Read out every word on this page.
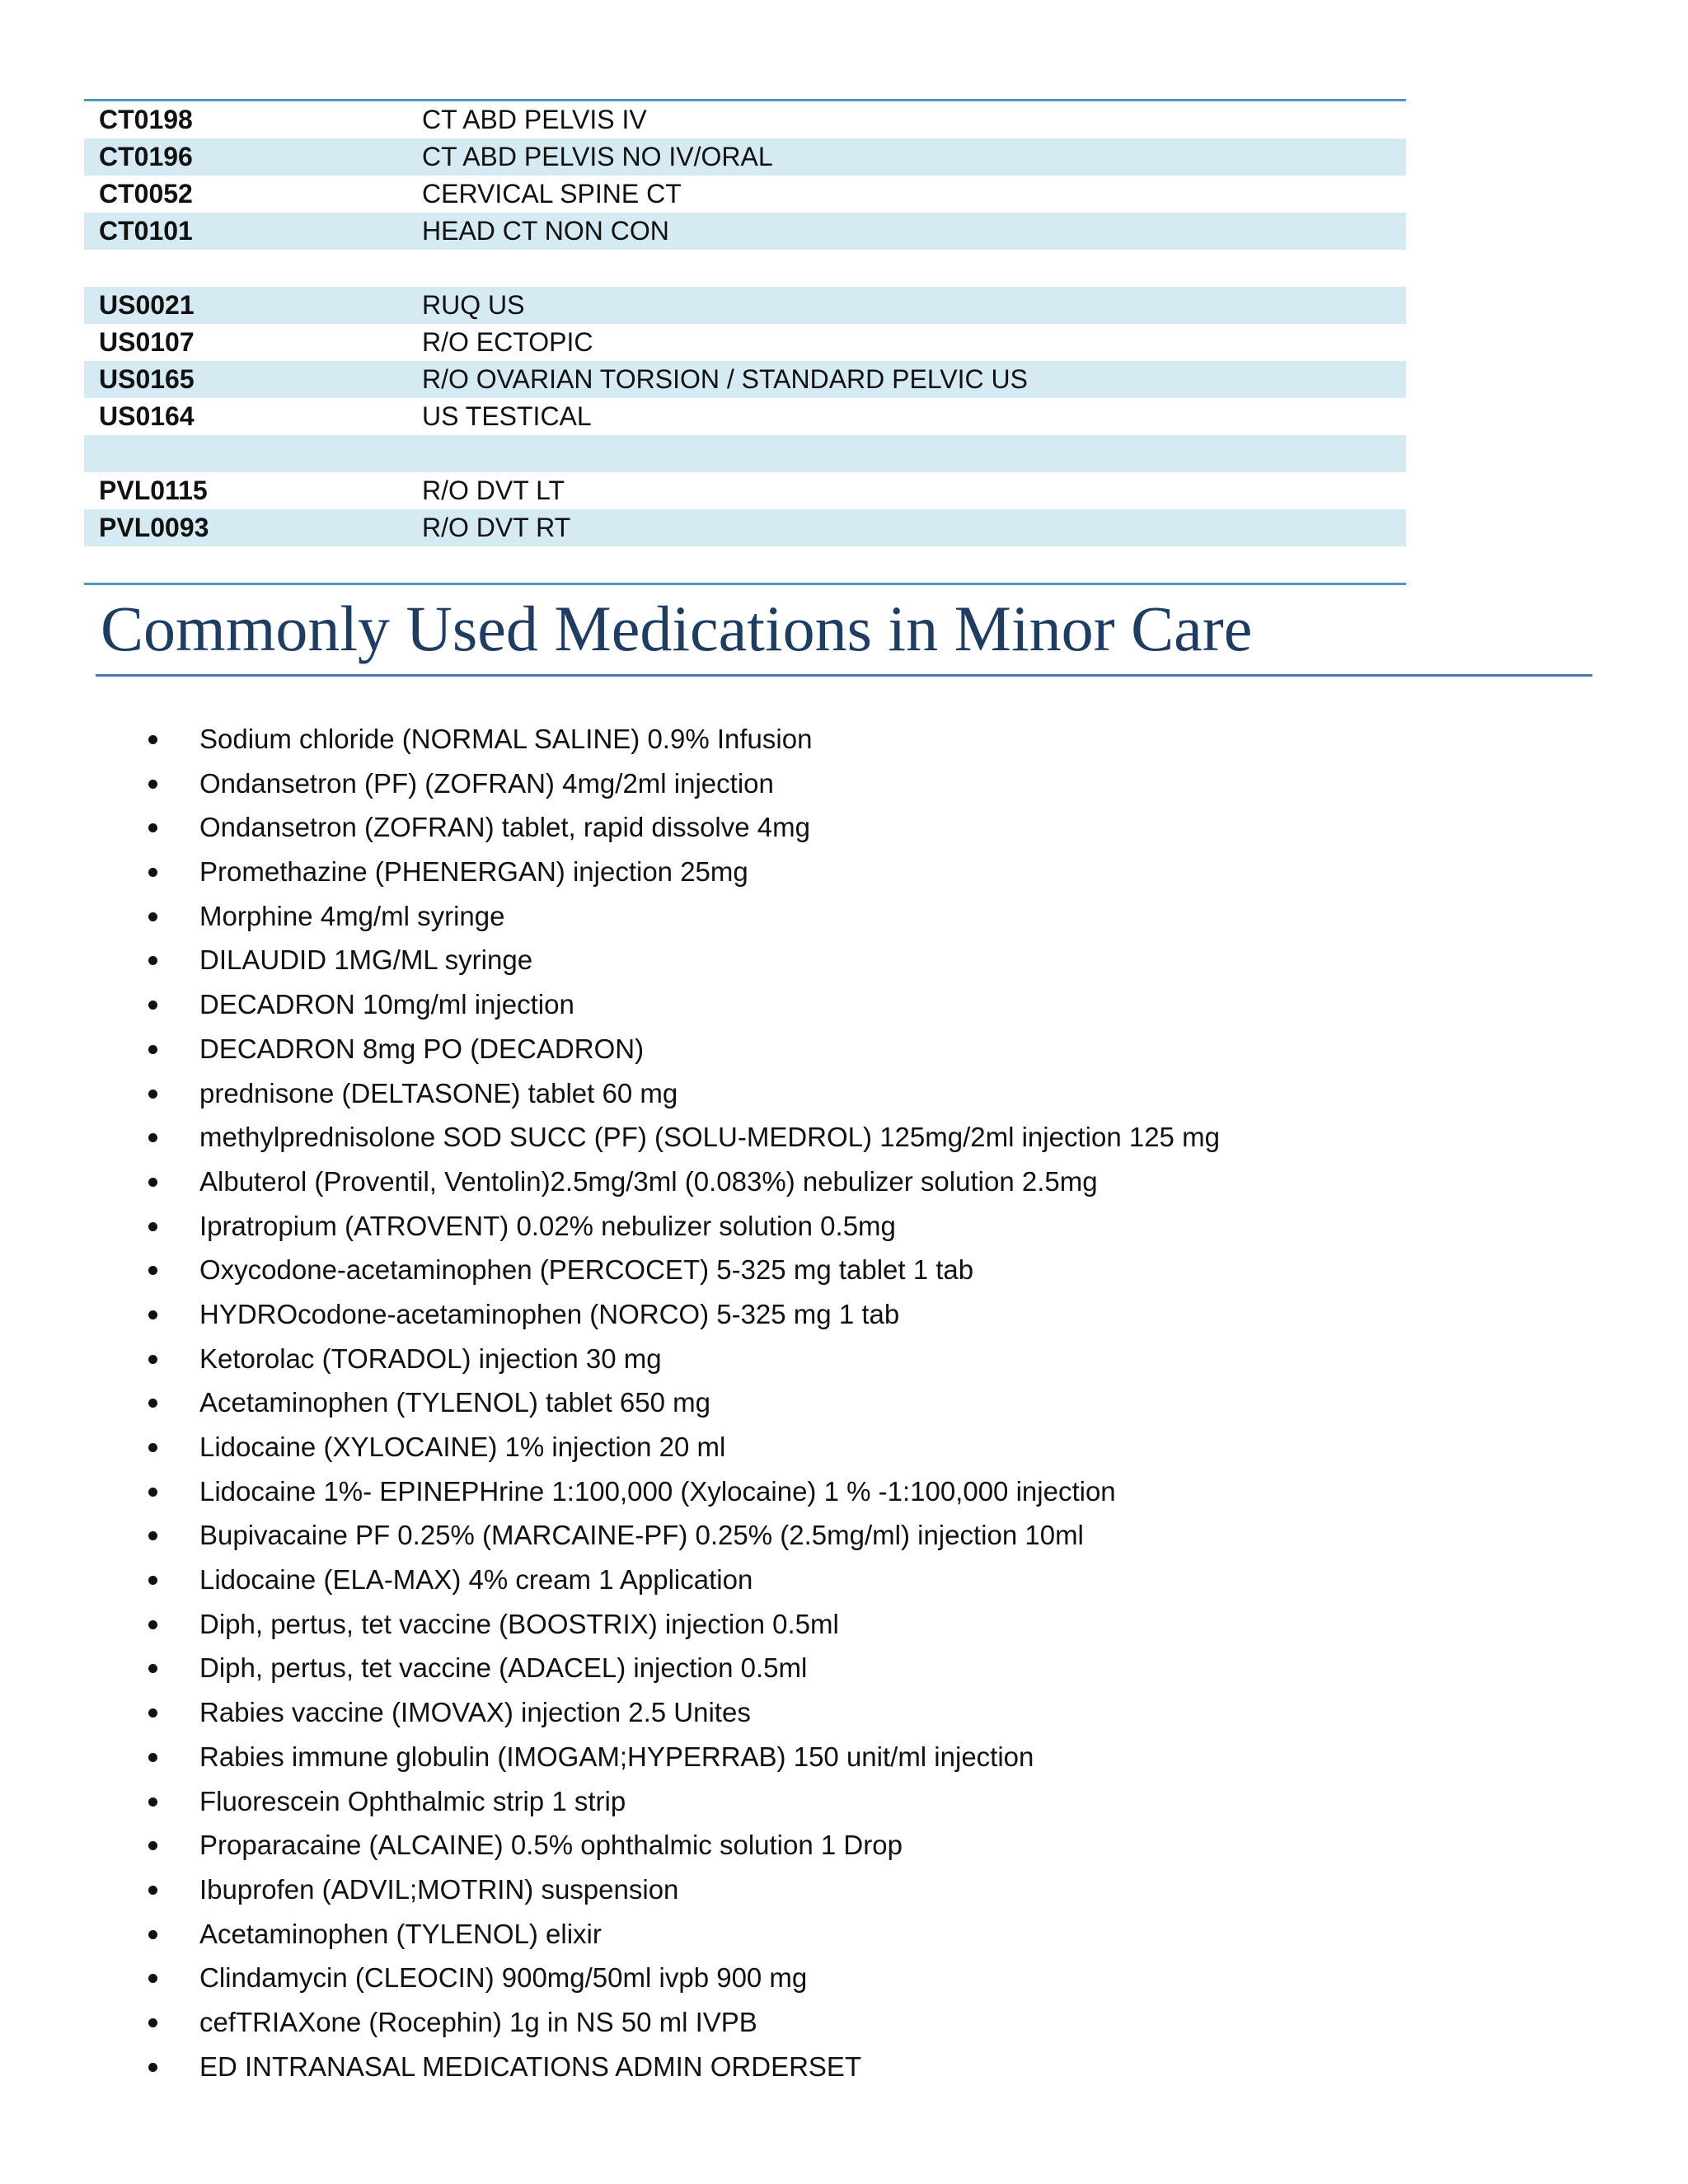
CT0198	CT ABD PELVIS IV
CT0196	CT ABD PELVIS NO IV/ORAL
CT0052	CERVICAL SPINE CT
CT0101	HEAD CT NON CON
US0021	RUQ US
US0107	R/O ECTOPIC
US0165	R/O OVARIAN TORSION / STANDARD PELVIC US
US0164	US TESTICAL
PVL0115	R/O DVT LT
PVL0093	R/O DVT RT
Commonly Used Medications in Minor Care
Sodium chloride (NORMAL SALINE) 0.9% Infusion
Ondansetron (PF) (ZOFRAN) 4mg/2ml injection
Ondansetron (ZOFRAN) tablet, rapid dissolve 4mg
Promethazine (PHENERGAN) injection 25mg
Morphine 4mg/ml syringe
DILAUDID 1MG/ML syringe
DECADRON 10mg/ml injection
DECADRON 8mg PO (DECADRON)
prednisone (DELTASONE) tablet 60 mg
methylprednisolone SOD SUCC (PF) (SOLU-MEDROL) 125mg/2ml injection 125 mg
Albuterol (Proventil, Ventolin)2.5mg/3ml (0.083%) nebulizer solution 2.5mg
Ipratropium (ATROVENT) 0.02% nebulizer solution 0.5mg
Oxycodone-acetaminophen (PERCOCET) 5-325 mg tablet 1 tab
HYDROcodone-acetaminophen (NORCO) 5-325 mg 1 tab
Ketorolac (TORADOL) injection 30 mg
Acetaminophen (TYLENOL) tablet 650 mg
Lidocaine (XYLOCAINE) 1% injection 20 ml
Lidocaine 1%- EPINEPHrine 1:100,000 (Xylocaine) 1 % -1:100,000 injection
Bupivacaine PF 0.25% (MARCAINE-PF) 0.25% (2.5mg/ml) injection 10ml
Lidocaine (ELA-MAX) 4% cream 1 Application
Diph, pertus, tet vaccine (BOOSTRIX) injection 0.5ml
Diph, pertus, tet vaccine (ADACEL) injection 0.5ml
Rabies vaccine (IMOVAX) injection 2.5 Unites
Rabies immune globulin (IMOGAM;HYPERRAB) 150 unit/ml injection
Fluorescein Ophthalmic strip 1 strip
Proparacaine (ALCAINE) 0.5% ophthalmic solution 1 Drop
Ibuprofen (ADVIL;MOTRIN) suspension
Acetaminophen (TYLENOL) elixir
Clindamycin (CLEOCIN) 900mg/50ml ivpb 900 mg
cefTRIAXone (Rocephin) 1g in NS 50 ml IVPB
ED INTRANASAL MEDICATIONS ADMIN ORDERSET
